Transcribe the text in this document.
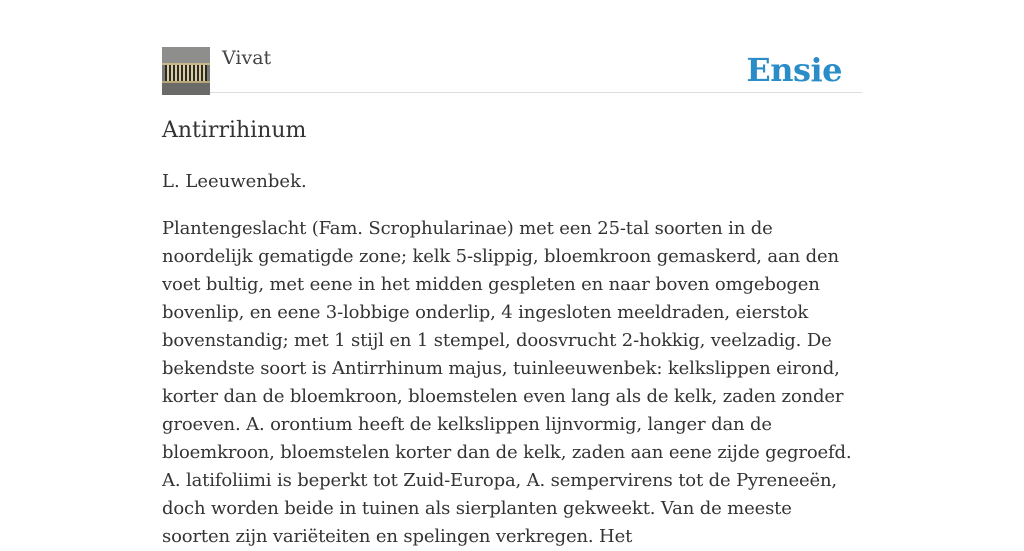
Vivat	Ensie
Antirrihinum

L. Leeuwenbek.

Plantengeslacht (Fam. Scrophularinae) met een 25-tal soorten in de noordelijk gematigde zone; kelk 5-slippig, bloemkroon gemaskerd, aan den voet bultig, met eene in het midden gespleten en naar boven omgebogen bovenlip, en eene 3-lobbige onderlip, 4 ingesloten meeldraden, eierstok bovenstandig; met 1 stijl en 1 stempel, doosvrucht 2-hokkig, veelzadig. De bekendste soort is Antirrhinum majus, tuinleeuwenbek: kelkslippen eirond, korter dan de bloemkroon, bloemstelen even lang als de kelk, zaden zonder groeven. A. orontium heeft de kelkslippen lijnvormig, langer dan de bloemkroon, bloemstelen korter dan de kelk, zaden aan eene zijde gegroefd. A. latifoliimi is beperkt tot Zuid-Europa, A. sempervirens tot de Pyreneeën, doch worden beide in tuinen als sierplanten gekweekt. Van de meeste soorten zijn variëteiten en spelingen verkregen. Het
